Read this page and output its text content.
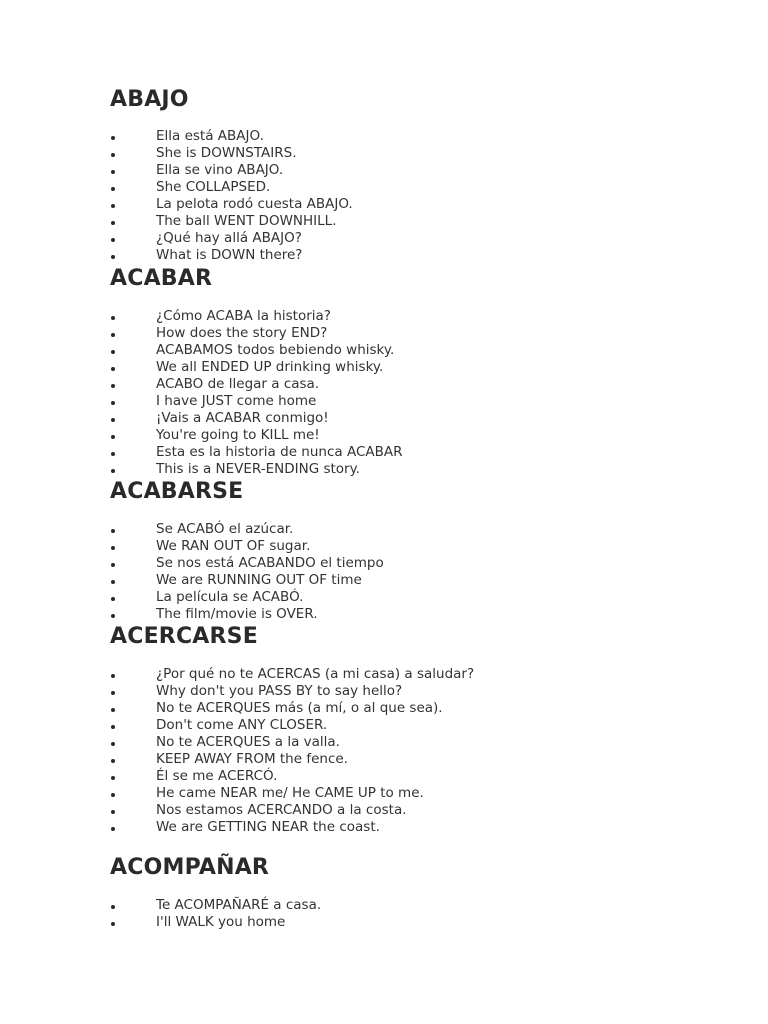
ABAJO
Ella está ABAJO.
She is DOWNSTAIRS.
Ella se vino ABAJO.
She COLLAPSED.
La pelota rodó cuesta ABAJO.
The ball WENT DOWNHILL.
¿Qué hay allá ABAJO?
What is DOWN there?
ACABAR
¿Cómo ACABA la historia?
How does the story END?
ACABAMOS todos bebiendo whisky.
We all ENDED UP drinking whisky.
ACABO de llegar a casa.
I have JUST come home
¡Vais a ACABAR conmigo!
You're going to KILL me!
Esta es la historia de nunca ACABAR
This is a NEVER-ENDING story.
ACABARSE
Se ACABÓ el azúcar.
We RAN OUT OF sugar.
Se nos está ACABANDO el tiempo
We are RUNNING OUT OF time
La película se ACABÓ.
The film/movie is OVER.
ACERCARSE
¿Por qué no te ACERCAS (a mi casa) a saludar?
Why don't you PASS BY to say hello?
No te ACERQUES más (a mí, o al que sea).
Don't come ANY CLOSER.
No te ACERQUES a la valla.
KEEP AWAY FROM the fence.
Él se me ACERCÓ.
He came NEAR me/ He CAME UP to me.
Nos estamos ACERCANDO a la costa.
We are GETTING NEAR the coast.
ACOMPAÑAR
Te ACOMPAÑARÉ a casa.
I'll WALK you home
